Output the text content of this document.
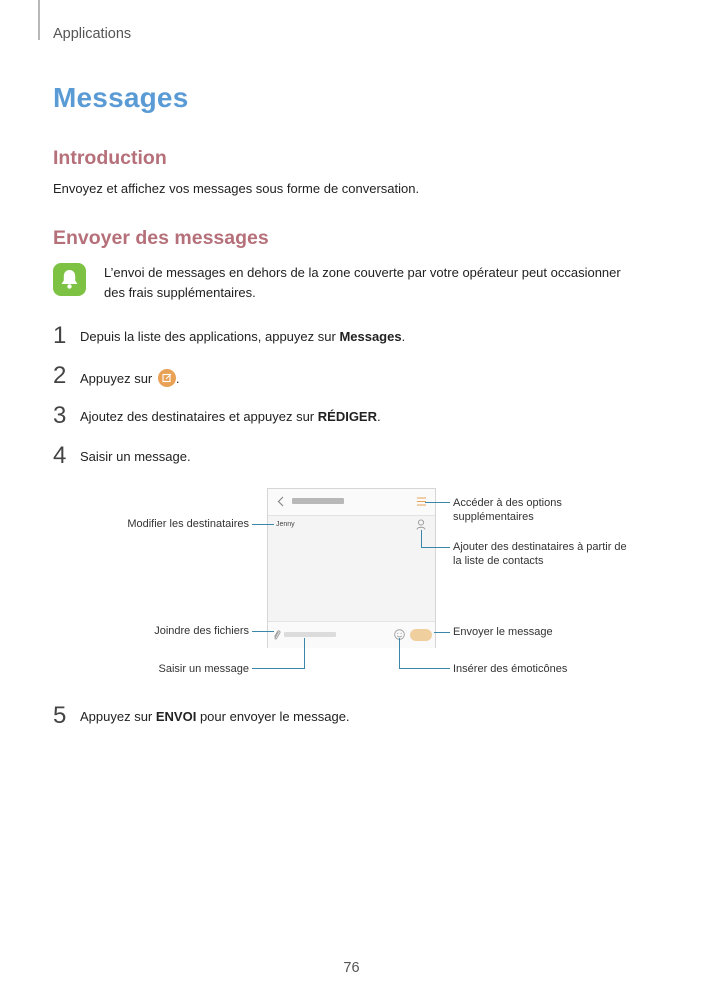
Applications
Messages
Introduction
Envoyez et affichez vos messages sous forme de conversation.
Envoyer des messages
L’envoi de messages en dehors de la zone couverte par votre opérateur peut occasionner des frais supplémentaires.
1 Depuis la liste des applications, appuyez sur Messages.
2 Appuyez sur
.
3 Ajoutez des destinataires et appuyez sur RÉDIGER.
4 Saisir un message.
Jenny
Modifier les destinataires
Accéder à des options
supplémentaires
Ajouter des destinataires à partir de
la liste de contacts
Joindre des fichiers	Envoyer le message
Saisir un message	Insérer des émoticônes
5 Appuyez sur ENVOI pour envoyer le message.
76
